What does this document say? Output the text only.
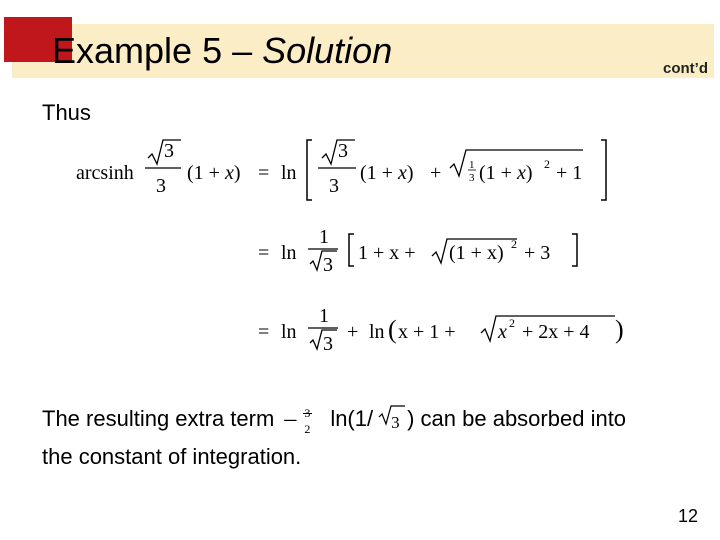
Example 5 – Solution	cont’d
Thus
arcsinh
3
3
(1 + x) = ln
3
3
(1 + x) +	1
3 (1 + x) 2 + 1
= ln
1
3
1 + x + (1 + x) 2 + 3
= ln
1
3
+ ln ( x + 1 + x 2 + 2x + 4 )
The resulting extra term – 3
2 ln(1/ 3 ) can be absorbed into
the constant of integration.
12
